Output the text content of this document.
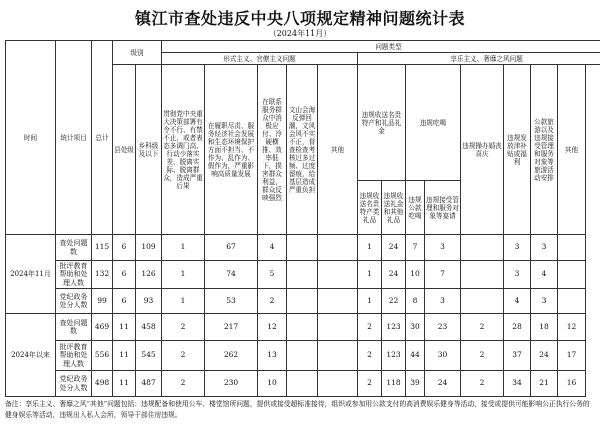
镇江市查处违反中央八项规定精神问题统计表
（2024年11月）
时间	统计项目	总计	级别		问题类型												
					形式主义、官僚主义问题					享乐主义、奢靡之风问题							
			县处级	乡科级及以下	贯彻党中央重大决策部署有令不行、有禁不止，或者表态多调门高、行动少落实差，脱离实际、脱离群众，造成严重后果	在履职尽责、服务经济社会发展和生态环境保护方面不担当、不作为、乱作为、假作为，严重影响高质量发展	在联系服务群众中消极应付、冷硬横推、效率低下，损害群众利益，群众反映强烈	文山会海反弹回潮，文风会风不实不正，督查检查考核过多过频、过度留痕，给基层造成严重负担	其他	违规收送名贵特产和礼品礼金		违规吃喝		违规操办婚丧喜庆	违规发放津补贴或福利	公款旅游以及违规接受管理和服务对象等旅游活动安排	其他
										违规收送名贵特产类礼品	违规收送礼金和其他礼品	违规公款吃喝	违规接受管理和服务对象等宴请				
2024年11月	查处问题数	115	6	109	1	67	4			1	24	7	3		3	3	
	批评教育帮助和处理人数	132	6	126	1	74	5			1	24	10	7		3	4	
	党纪政务处分人数	99	6	93	1	53	2			1	22	8	3		4	3	
2024年以来	查处问题数	469	11	458	2	217	12			2	123	30	23	2	28	18	12
	批评教育帮助和处理人数	556	11	545	2	262	13			2	123	44	30	2	37	24	17
	党纪政务处分人数	498	11	487	2	230	10			2	118	39	24	2	34	21	16
备注：享乐主义、奢靡之风“其他”问题包括：违规配备和使用公车、楼堂馆所问题，提供或接受超标准接待，组织或参加用公款支付的高消费娱乐健身等活动，接受或提供可能影响公正执行公务的健身娱乐等活动，违规出入私人会所，领导干部住房违规。
